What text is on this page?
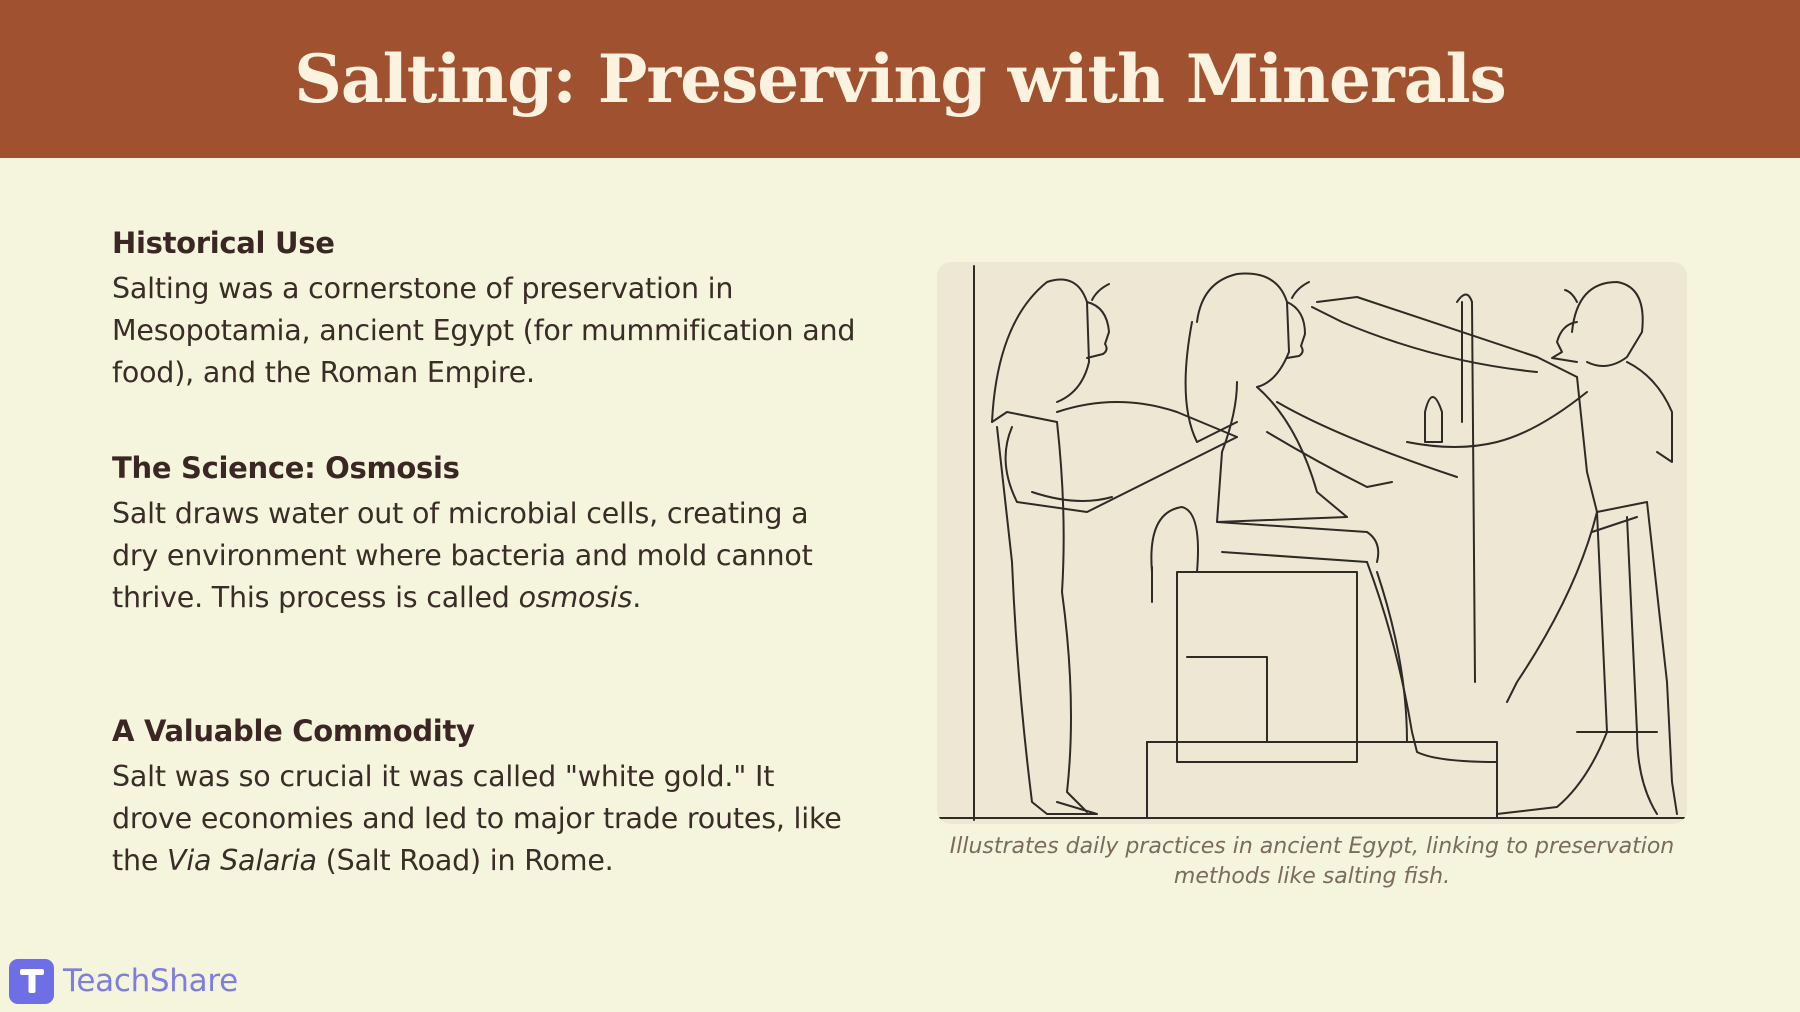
Salting: Preserving with Minerals
Historical Use

Salting was a cornerstone of preservation in Mesopotamia, ancient Egypt (for mummification and food), and the Roman Empire.

The Science: Osmosis

Salt draws water out of microbial cells, creating a dry environment where bacteria and mold cannot thrive. This process is called osmosis.

A Valuable Commodity

Salt was so crucial it was called "white gold." It drove economies and led to major trade routes, like the Via Salaria (Salt Road) in Rome.	Illustrates daily practices in ancient Egypt, linking to preservation methods like salting fish.
TeachShare
